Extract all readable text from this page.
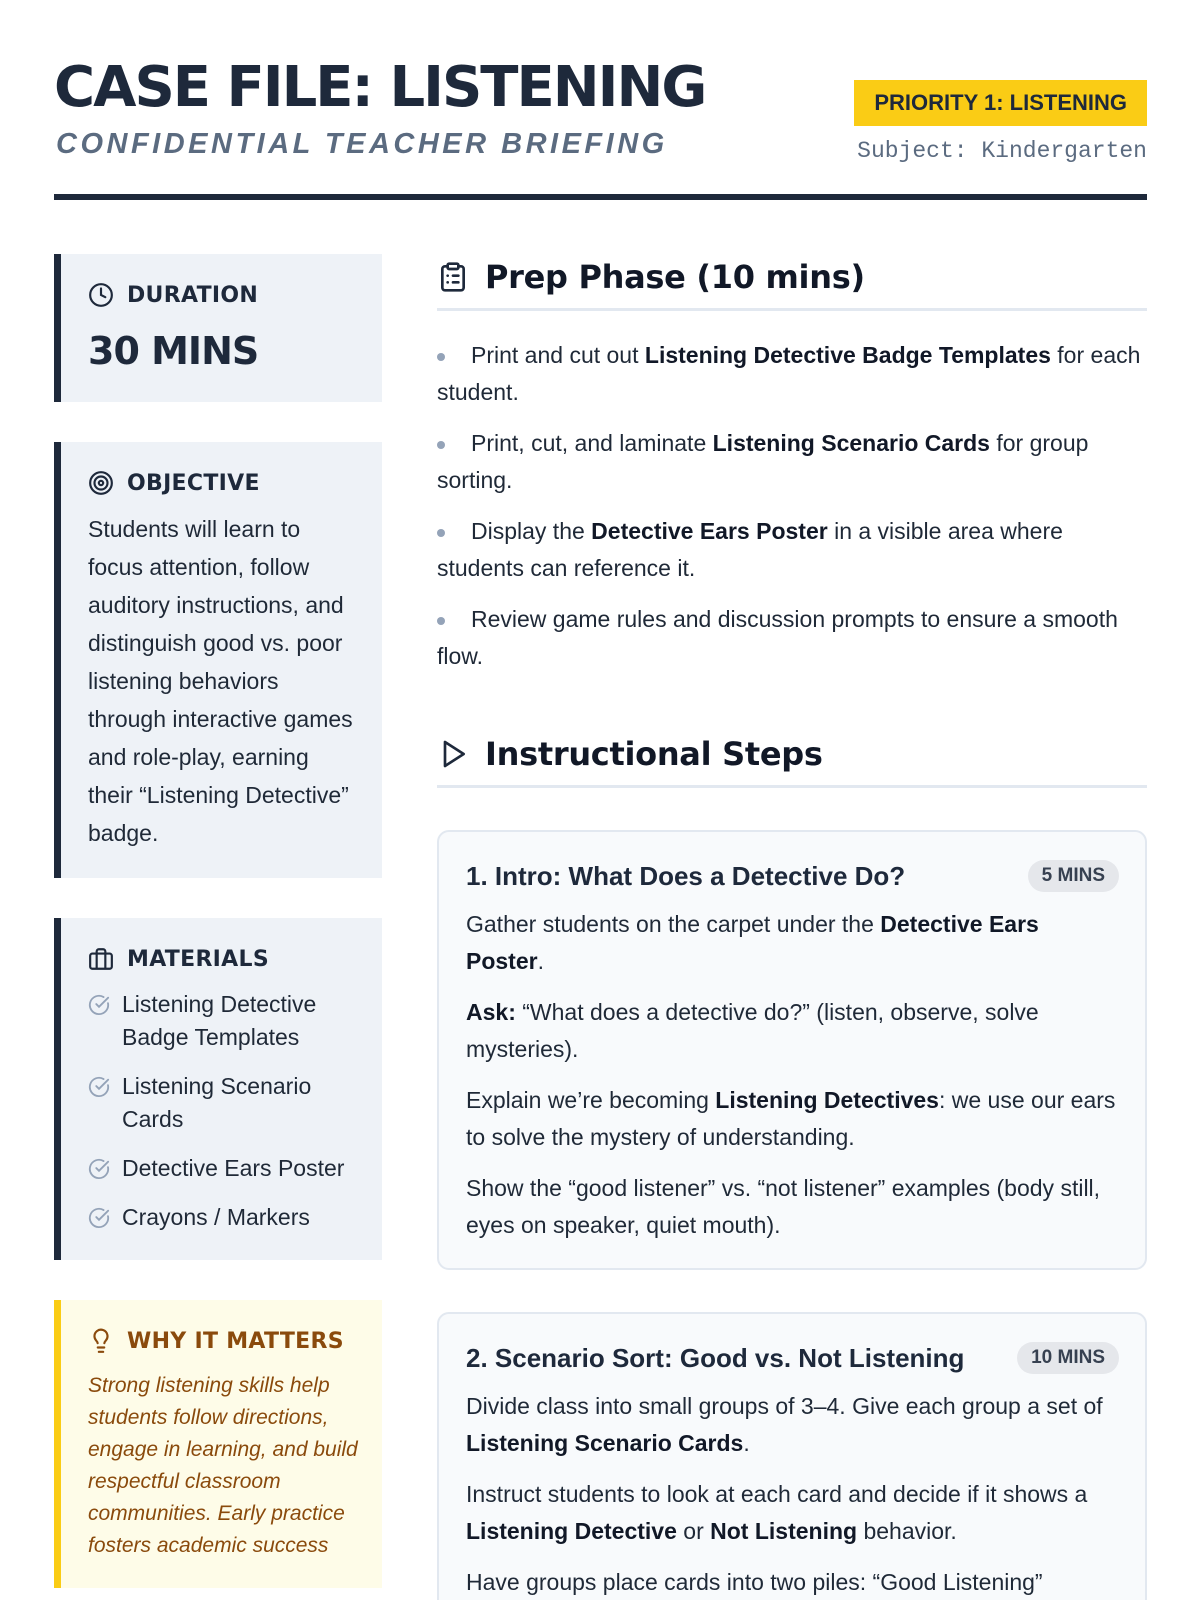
CASE FILE: LISTENING
CONFIDENTIAL TEACHER BRIEFING
PRIORITY 1: LISTENING
Subject: Kindergarten
DURATION
30 MINS
OBJECTIVE

Students will learn to focus attention, follow auditory instructions, and distinguish good vs. poor listening behaviors through interactive games and role-play, earning their “Listening Detective” badge.

MATERIALS
Listening Detective Badge Templates
Listening Scenario Cards
Detective Ears Poster
Crayons / Markers
WHY IT MATTERS

Strong listening skills help students follow directions, engage in learning, and build respectful classroom communities. Early practice fosters academic success

Prep Phase (10 mins)
Print and cut out Listening Detective Badge Templates for each student.
Print, cut, and laminate Listening Scenario Cards for group sorting.
Display the Detective Ears Poster in a visible area where students can reference it.
Review game rules and discussion prompts to ensure a smooth flow.
Instructional Steps
1. Intro: What Does a Detective Do?	5 MINS

Gather students on the carpet under the Detective Ears Poster.

Ask: “What does a detective do?” (listen, observe, solve mysteries).

Explain we’re becoming Listening Detectives: we use our ears to solve the mystery of understanding.

Show the “good listener” vs. “not listener” examples (body still, eyes on speaker, quiet mouth).

2. Scenario Sort: Good vs. Not Listening	10 MINS

Divide class into small groups of 3–4. Give each group a set of Listening Scenario Cards.

Instruct students to look at each card and decide if it shows a Listening Detective or Not Listening behavior.

Have groups place cards into two piles: “Good Listening”
